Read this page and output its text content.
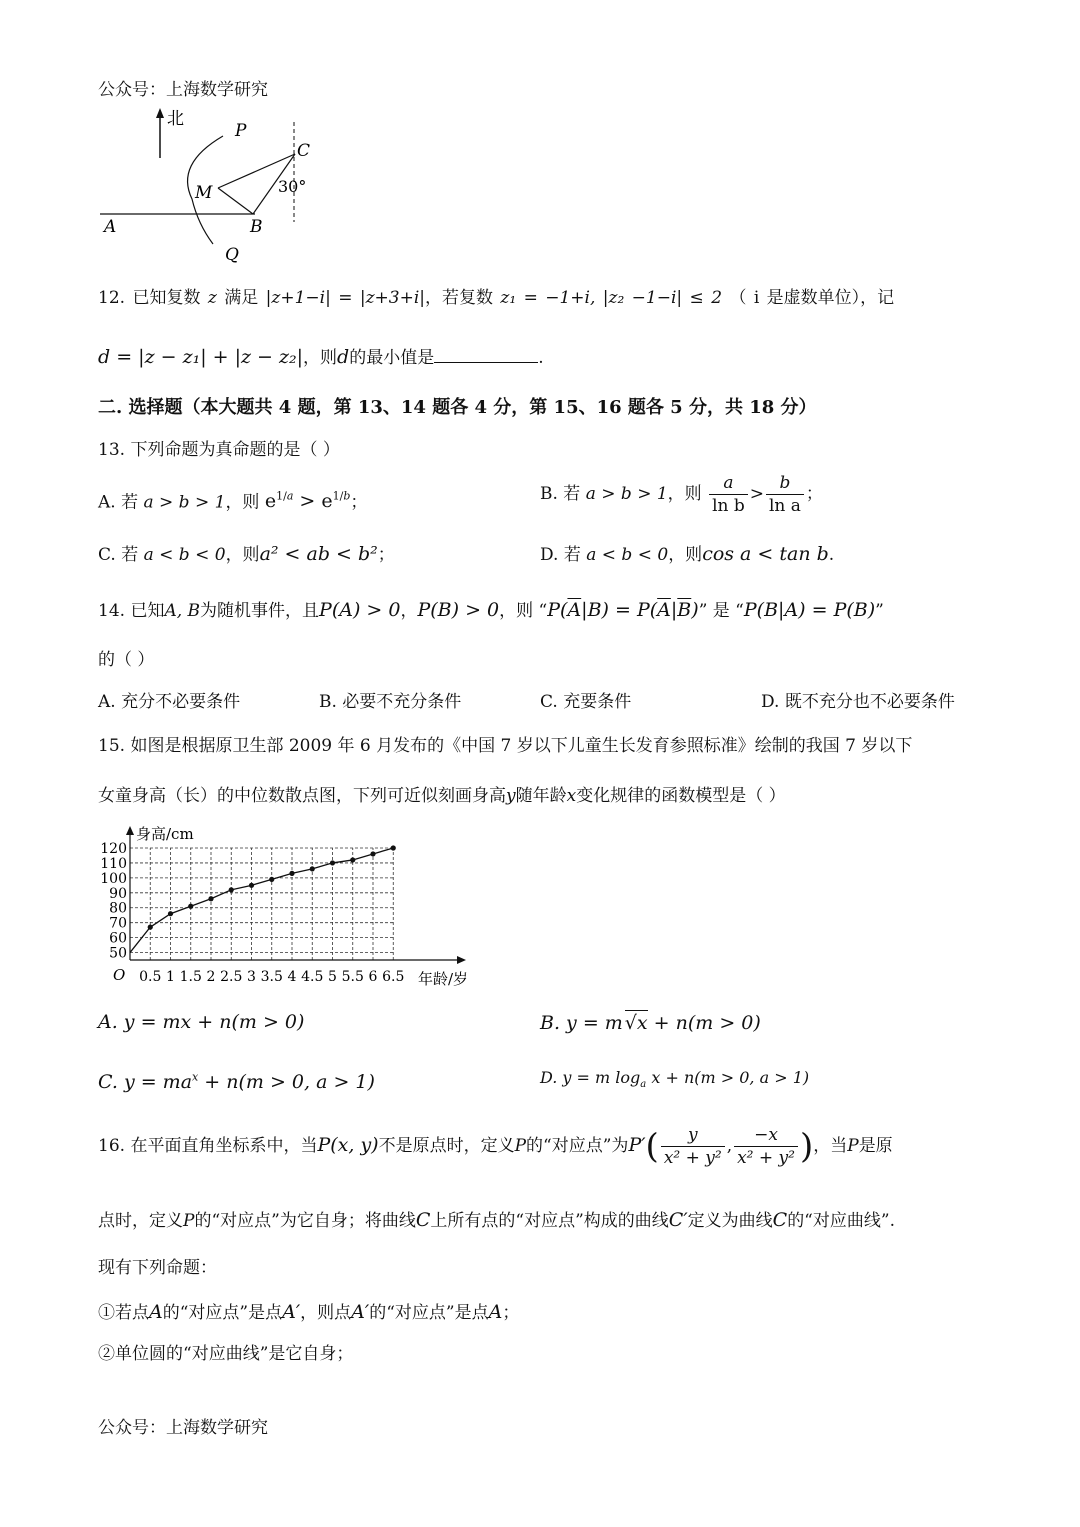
公众号：上海数学研究
北
P
C
M
A	B
Q
30°
12. 已知复数 z 满足 |z+1−i| = |z+3+i|，若复数 z₁ = −1+i, |z₂ −1−i| ≤ 2 （ i 是虚数单位），记
d = |z − z₁| + |z − z₂|，则d的最小值是	.
二. 选择题（本大题共 4 题，第 13、14 题各 4 分，第 15、16 题各 5 分，共 18 分）
13. 下列命题为真命题的是（ ）
A. 若 a > b > 1，则 $e^{1/a} > e^{1/b}$；	B. 若 a > b > 1，则 $\frac{a}{\text{ln b}} > \frac{b}{\text{ln a}}$ ；
C. 若 a < b < 0，则a² < ab < b²；	D. 若 a < b < 0，则cos a < tan b.
14. 已知A, B为随机事件，且P(A) > 0，P(B) > 0，则 “$P(\overline{A}|B) = P(\overline{A}|\overline{B})$” 是 “P(B|A) = P(B)”
的（ ）
A. 充分不必要条件	B. 必要不充分条件	C. 充要条件	D. 既不充分也不必要条件
15. 如图是根据原卫生部 2009 年 6 月发布的《中国 7 岁以下儿童生长发育参照标准》绘制的我国 7 岁以下
女童身高（长）的中位数散点图，下列可近似刻画身高y随年龄x变化规律的函数模型是（ ）
50
60
70
80
90
100
110
120
0.5 1 1.5 2 2.5 3 3.5 4 4.5 5 5.5 6 6.5
身高/cm
年龄/岁
O
A. y = mx + n(m > 0)	B. y = m √x + n(m > 0)
C. $y = ma^x + n(m > 0$, a > 1)	D. y = m $\log_a x + n(m > 0$, a > 1)
16. 在平面直角坐标系中，当P(x, y)不是原点时，定义P的“对应点”为$P'( \frac{y}{\text{x² + y²}}$ , $\frac{-x}{\text{x² + y²}}$ )，当P是原
点时，定义P的“对应点”为它自身；将曲线C上所有点的“对应点”构成的曲线C′定义为曲线C的“对应曲线”.
现有下列命题：
①若点A的“对应点”是点A′，则点A′的“对应点”是点A；
②单位圆的“对应曲线”是它自身；
公众号：上海数学研究
